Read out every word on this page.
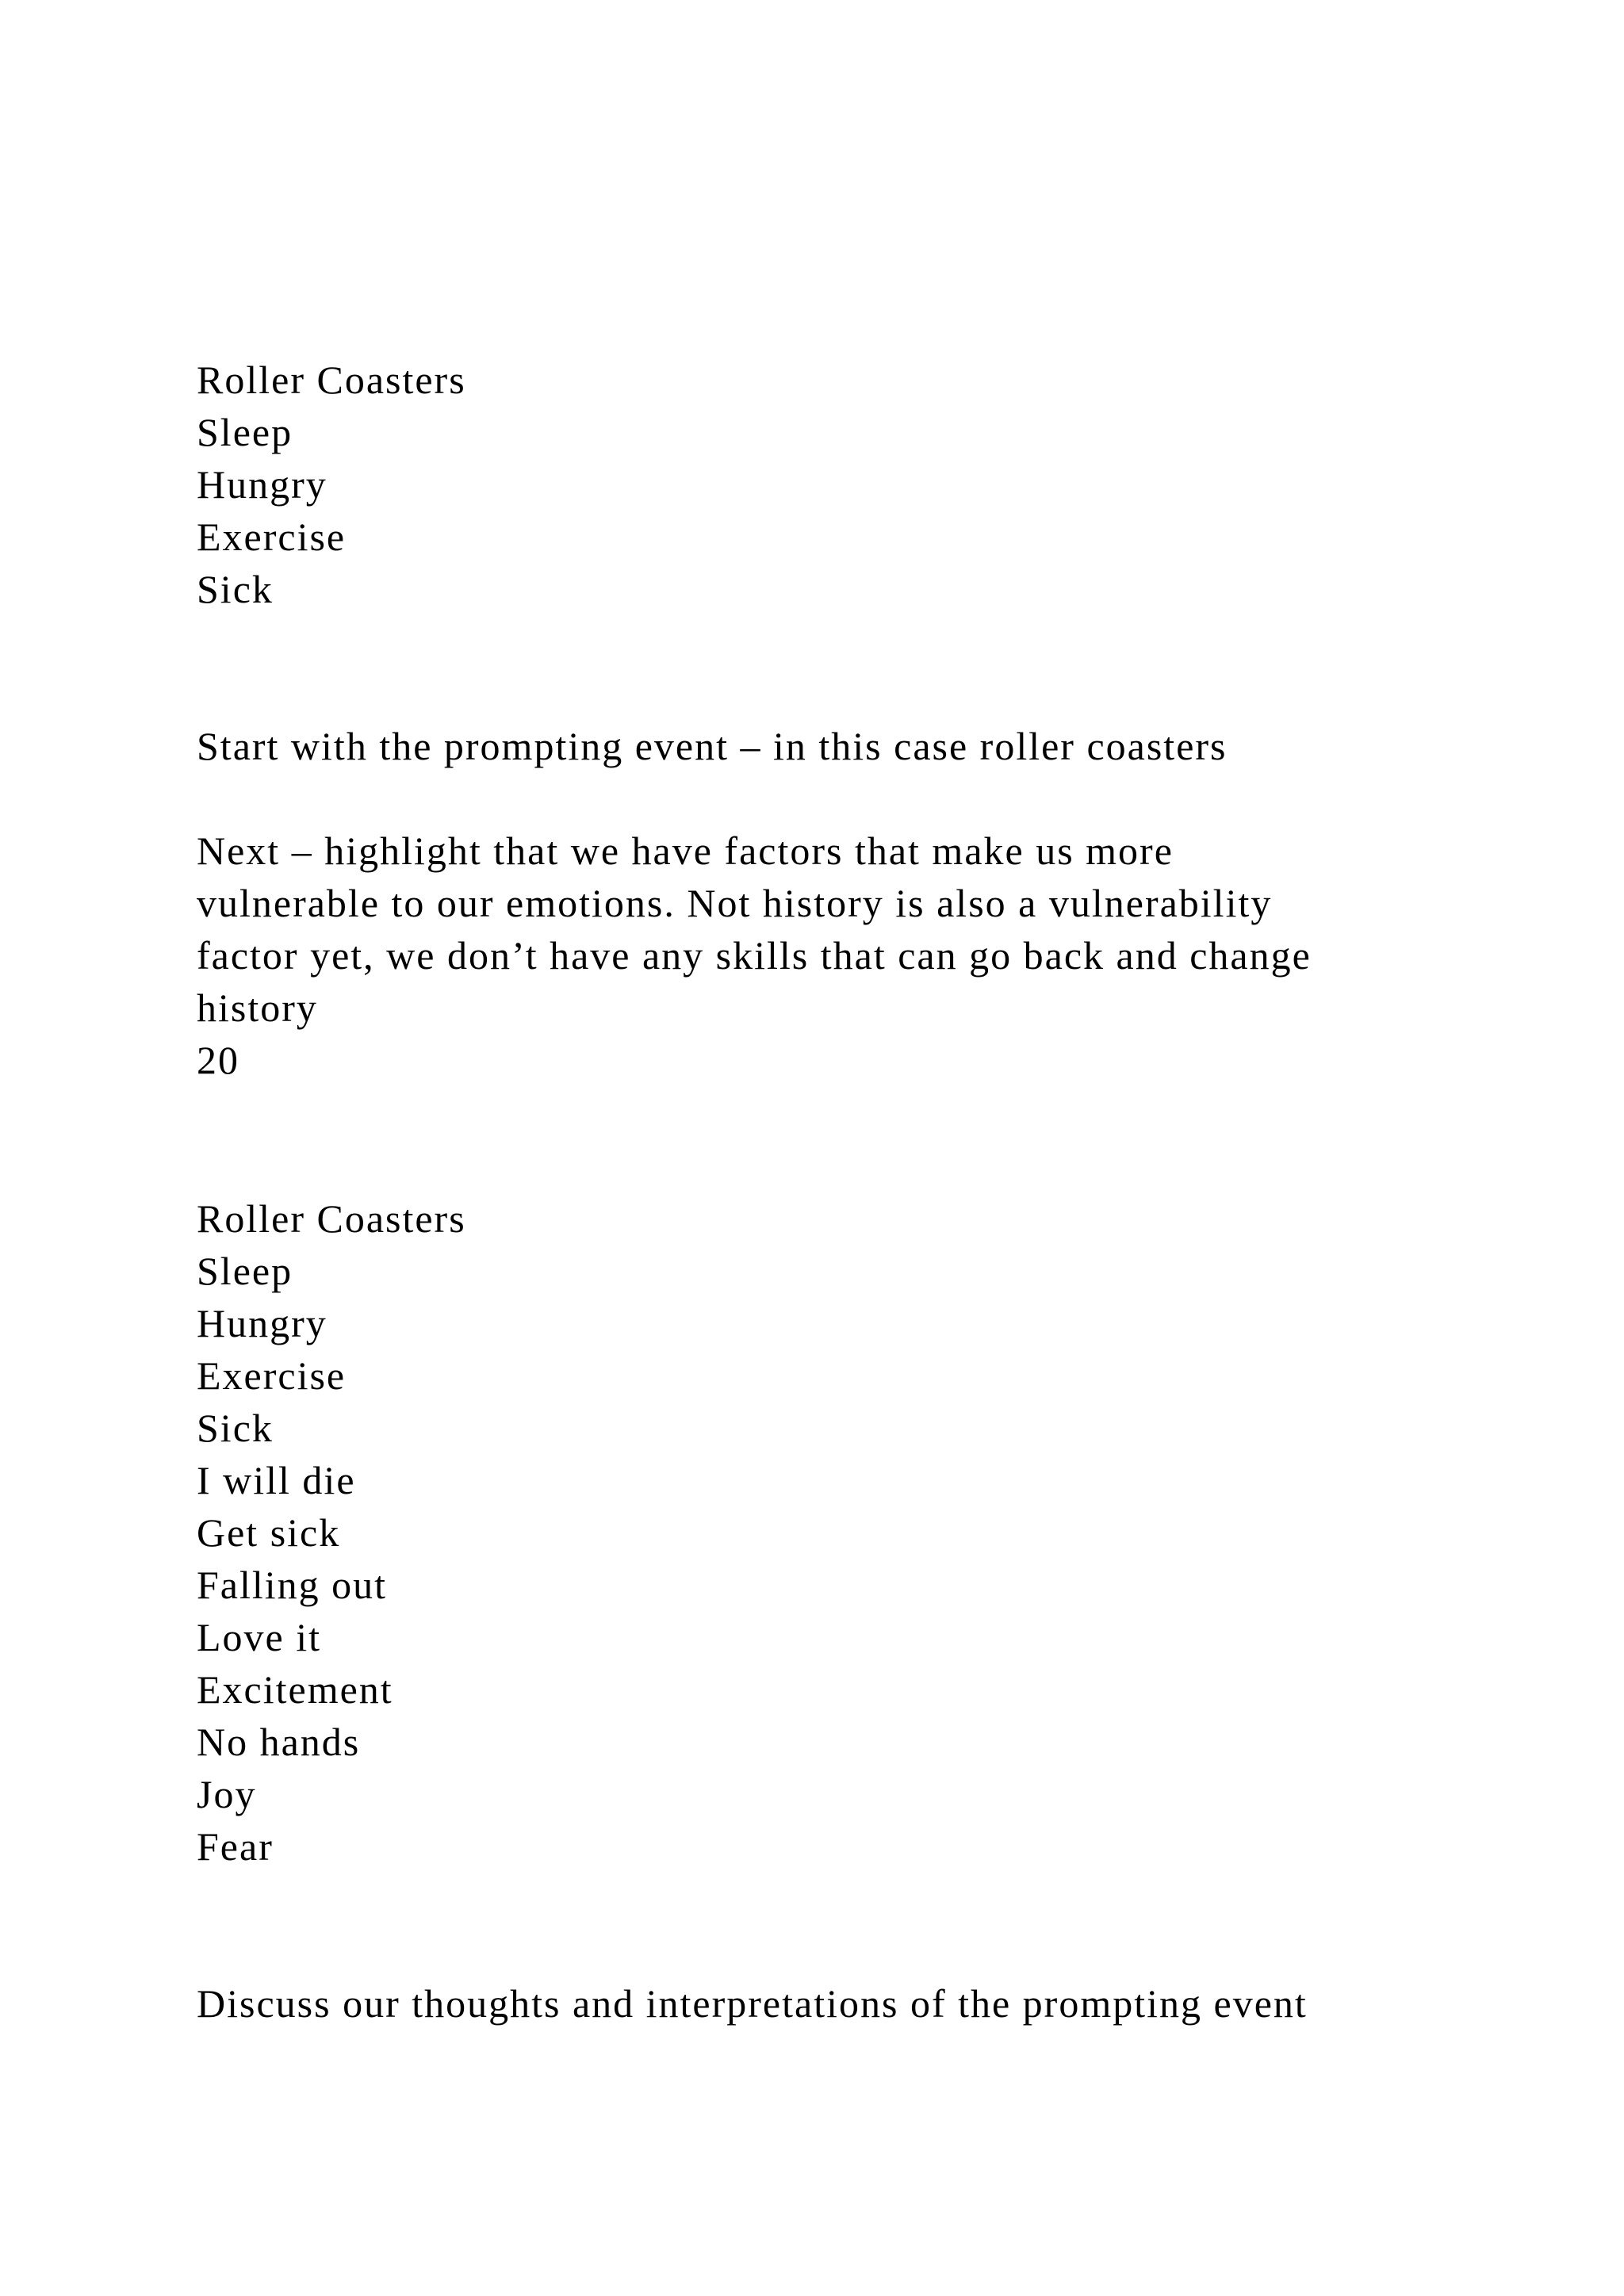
Roller Coasters
Sleep
Hungry
Exercise
Sick
Start with the prompting event – in this case roller coasters
Next – highlight that we have factors that make us more
vulnerable to our emotions. Not history is also a vulnerability
factor yet, we don’t have any skills that can go back and change
history
20
Roller Coasters
Sleep
Hungry
Exercise
Sick
I will die
Get sick
Falling out
Love it
Excitement
No hands
Joy
Fear
Discuss our thoughts and interpretations of the prompting event
